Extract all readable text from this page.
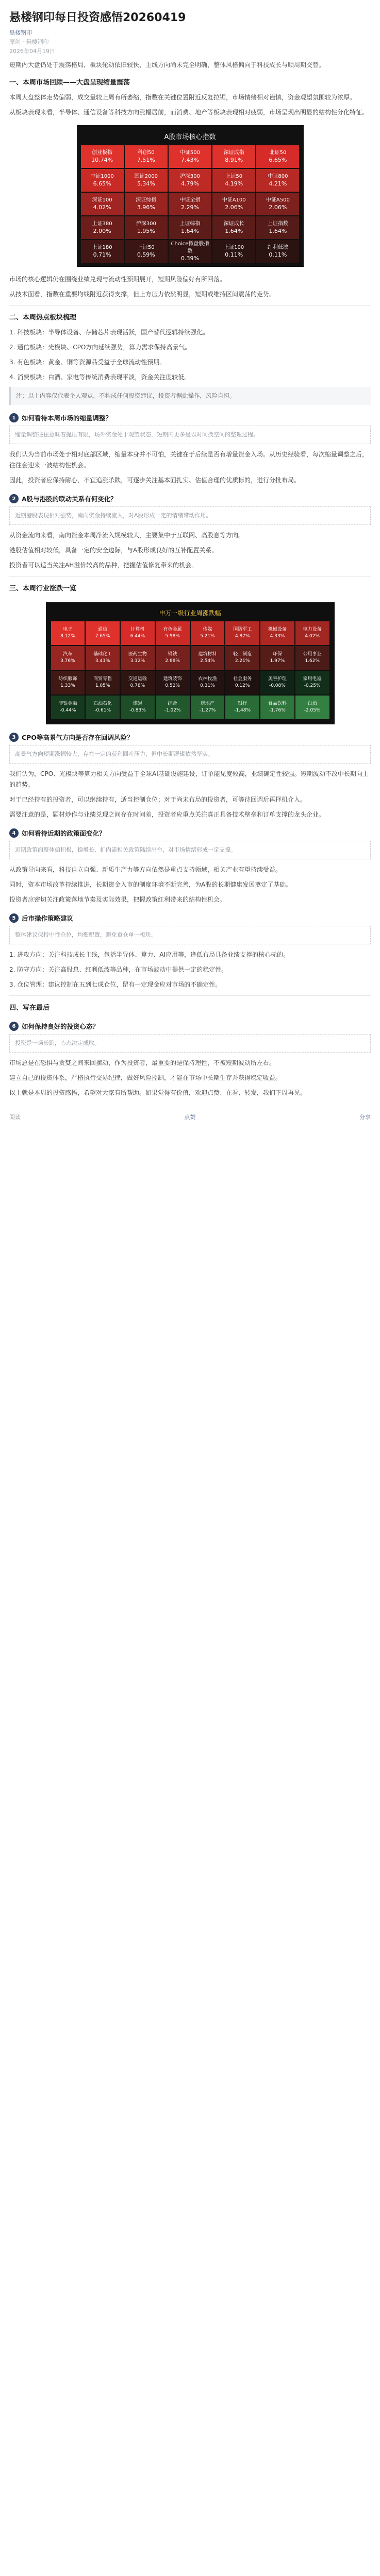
悬楼钢印每日投资感悟20260419
悬楼钢印
原创 · 悬楼钢印
2026年04月19日

短期内大盘仍处于震荡格局，板块轮动依旧较快，主线方向尚未完全明确，整体风格偏向于科技成长与顺周期交替。

一、本周市场回顾——大盘呈现缩量震荡

本周大盘整体走势偏弱，成交量较上周有所萎缩，指数在关键位置附近反复拉锯，市场情绪相对谨慎，资金观望氛围较为浓厚。

从板块表现来看，半导体、通信设备等科技方向涨幅居前，而消费、地产等板块表现相对疲弱，市场呈现出明显的结构性分化特征。

A股市场核心指数
创业板指
10.74%
科创50
7.51%
中证500
7.43%
深证成指
8.91%
北证50
6.65%
中证1000
6.65%
国证2000
5.34%
沪深300
4.79%
上证50
4.19%
中证800
4.21%
深证100
4.02%
深证综指
3.96%
中证全指
2.29%
中证A100
2.06%
中证A500
2.06%
上证380
2.00%
沪深300
1.95%
上证综指
1.64%
深证成长
1.64%
上证指数
1.64%
上证180
0.71%
上证50
0.59%
Choice微盘股指数
0.39%
上证100
0.11%
红利低波
0.11%

市场的核心逻辑仍在围绕业绩兑现与流动性预期展开，短期风险偏好有所回落。

从技术面看，指数在重要均线附近获得支撑，但上方压力依然明显，短期或维持区间震荡的走势。

二、本周热点板块梳理

1. 科技板块：半导体设备、存储芯片表现活跃，国产替代逻辑持续强化。

2. 通信板块：光模块、CPO方向延续强势，算力需求保持高景气。

3. 有色板块：黄金、铜等资源品受益于全球流动性预期。

4. 消费板块：白酒、家电等传统消费表现平淡，资金关注度较低。

注：以上内容仅代表个人观点，不构成任何投资建议，投资者据此操作，风险自担。
1 如何看待本周市场的缩量调整？
缩量调整往往意味着抛压有限，场外资金处于观望状态，短期内更多是以时间换空间的整理过程。

我们认为当前市场处于相对底部区域，缩量本身并不可怕，关键在于后续是否有增量资金入场。从历史经验看，每次缩量调整之后，往往会迎来一波结构性机会。

因此，投资者应保持耐心，不宜追涨杀跌，可逐步关注基本面扎实、估值合理的优质标的，进行分批布局。

2 A股与港股的联动关系有何变化？
近期港股表现相对强势，南向资金持续流入，对A股形成一定的情绪带动作用。

从资金流向来看，南向资金本周净流入规模较大，主要集中于互联网、高股息等方向。

港股估值相对较低，具备一定的安全边际，与A股形成良好的互补配置关系。

投资者可以适当关注AH溢价较高的品种，把握估值修复带来的机会。

三、本周行业涨跌一览
申万一级行业周涨跌幅
电子
8.12%
通信
7.65%
计算机
6.44%
有色金属
5.98%
传媒
5.21%
国防军工
4.87%
机械设备
4.33%
电力设备
4.02%
汽车
3.76%
基础化工
3.41%
医药生物
3.12%
钢铁
2.88%
建筑材料
2.54%
轻工制造
2.21%
环保
1.97%
公用事业
1.62%
纺织服饰
1.33%
商贸零售
1.05%
交通运输
0.78%
建筑装饰
0.52%
农林牧渔
0.31%
社会服务
0.12%
美容护理
-0.08%
家用电器
-0.25%
非银金融
-0.44%
石油石化
-0.61%
煤炭
-0.83%
综合
-1.02%
房地产
-1.27%
银行
-1.48%
食品饮料
-1.76%
白酒
-2.05%
3 CPO等高景气方向是否存在回调风险？
高景气方向短期涨幅较大，存在一定的获利回吐压力，但中长期逻辑依然坚实。

我们认为，CPO、光模块等算力相关方向受益于全球AI基础设施建设，订单能见度较高，业绩确定性较强。短期波动不改中长期向上的趋势。

对于已经持有的投资者，可以继续持有，适当控制仓位；对于尚未布局的投资者，可等待回调后再择机介入。

需要注意的是，题材炒作与业绩兑现之间存在时间差，投资者应重点关注真正具备技术壁垒和订单支撑的龙头企业。

4 如何看待近期的政策面变化？
近期政策面整体偏积极，稳增长、扩内需相关政策陆续出台，对市场情绪形成一定支撑。

从政策导向来看，科技自立自强、新质生产力等方向依然是重点支持领域，相关产业有望持续受益。

同时，资本市场改革持续推进，长期资金入市的制度环境不断完善，为A股的长期健康发展奠定了基础。

投资者应密切关注政策落地节奏及实际效果，把握政策红利带来的结构性机会。

5 后市操作策略建议
整体建议保持中性仓位，均衡配置，避免重仓单一板块。

1. 进攻方向：关注科技成长主线，包括半导体、算力、AI应用等，逢低布局具备业绩支撑的核心标的。

2. 防守方向：关注高股息、红利低波等品种，在市场波动中提供一定的稳定性。

3. 仓位管理：建议控制在五到七成仓位，留有一定现金应对市场的不确定性。

四、写在最后
6 如何保持良好的投资心态？
投资是一场长跑，心态决定成败。

市场总是在恐惧与贪婪之间来回摆动，作为投资者，最重要的是保持理性，不被短期波动所左右。

建立自己的投资体系，严格执行交易纪律，做好风险控制，才能在市场中长期生存并获得稳定收益。

以上就是本周的投资感悟，希望对大家有所帮助。如果觉得有价值，欢迎点赞、在看、转发，我们下周再见。

阅读	点赞	分享
